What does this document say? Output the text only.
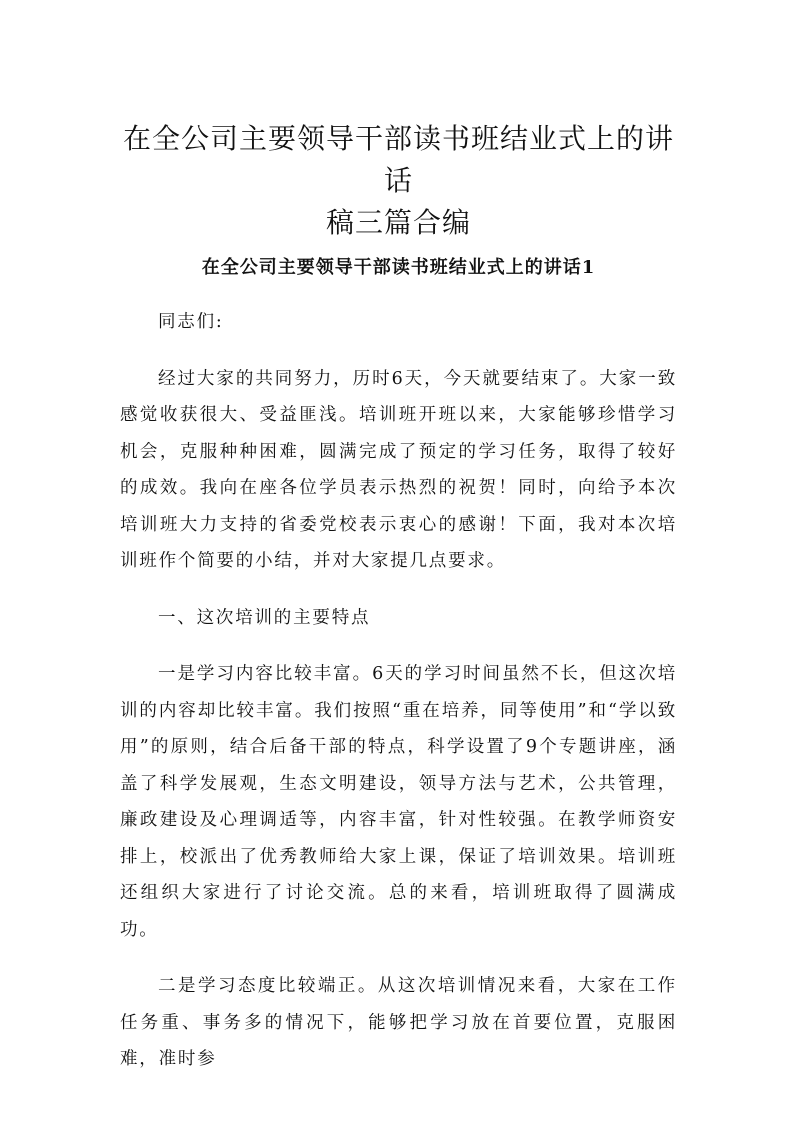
在全公司主要领导干部读书班结业式上的讲话
稿三篇合编
在全公司主要领导干部读书班结业式上的讲话1

同志们:

经过大家的共同努力，历时6天，今天就要结束了。大家一致感觉收获很大、受益匪浅。培训班开班以来，大家能够珍惜学习机会，克服种种困难，圆满完成了预定的学习任务，取得了较好的成效。我向在座各位学员表示热烈的祝贺！同时，向给予本次培训班大力支持的省委党校表示衷心的感谢！下面，我对本次培训班作个简要的小结，并对大家提几点要求。

一、这次培训的主要特点

一是学习内容比较丰富。6天的学习时间虽然不长，但这次培训的内容却比较丰富。我们按照“重在培养，同等使用”和“学以致用”的原则，结合后备干部的特点，科学设置了9个专题讲座，涵盖了科学发展观，生态文明建设，领导方法与艺术，公共管理，廉政建设及心理调适等，内容丰富，针对性较强。在教学师资安排上，校派出了优秀教师给大家上课，保证了培训效果。培训班还组织大家进行了讨论交流。总的来看，培训班取得了圆满成功。

二是学习态度比较端正。从这次培训情况来看，大家在工作任务重、事务多的情况下，能够把学习放在首要位置，克服困难，准时参
